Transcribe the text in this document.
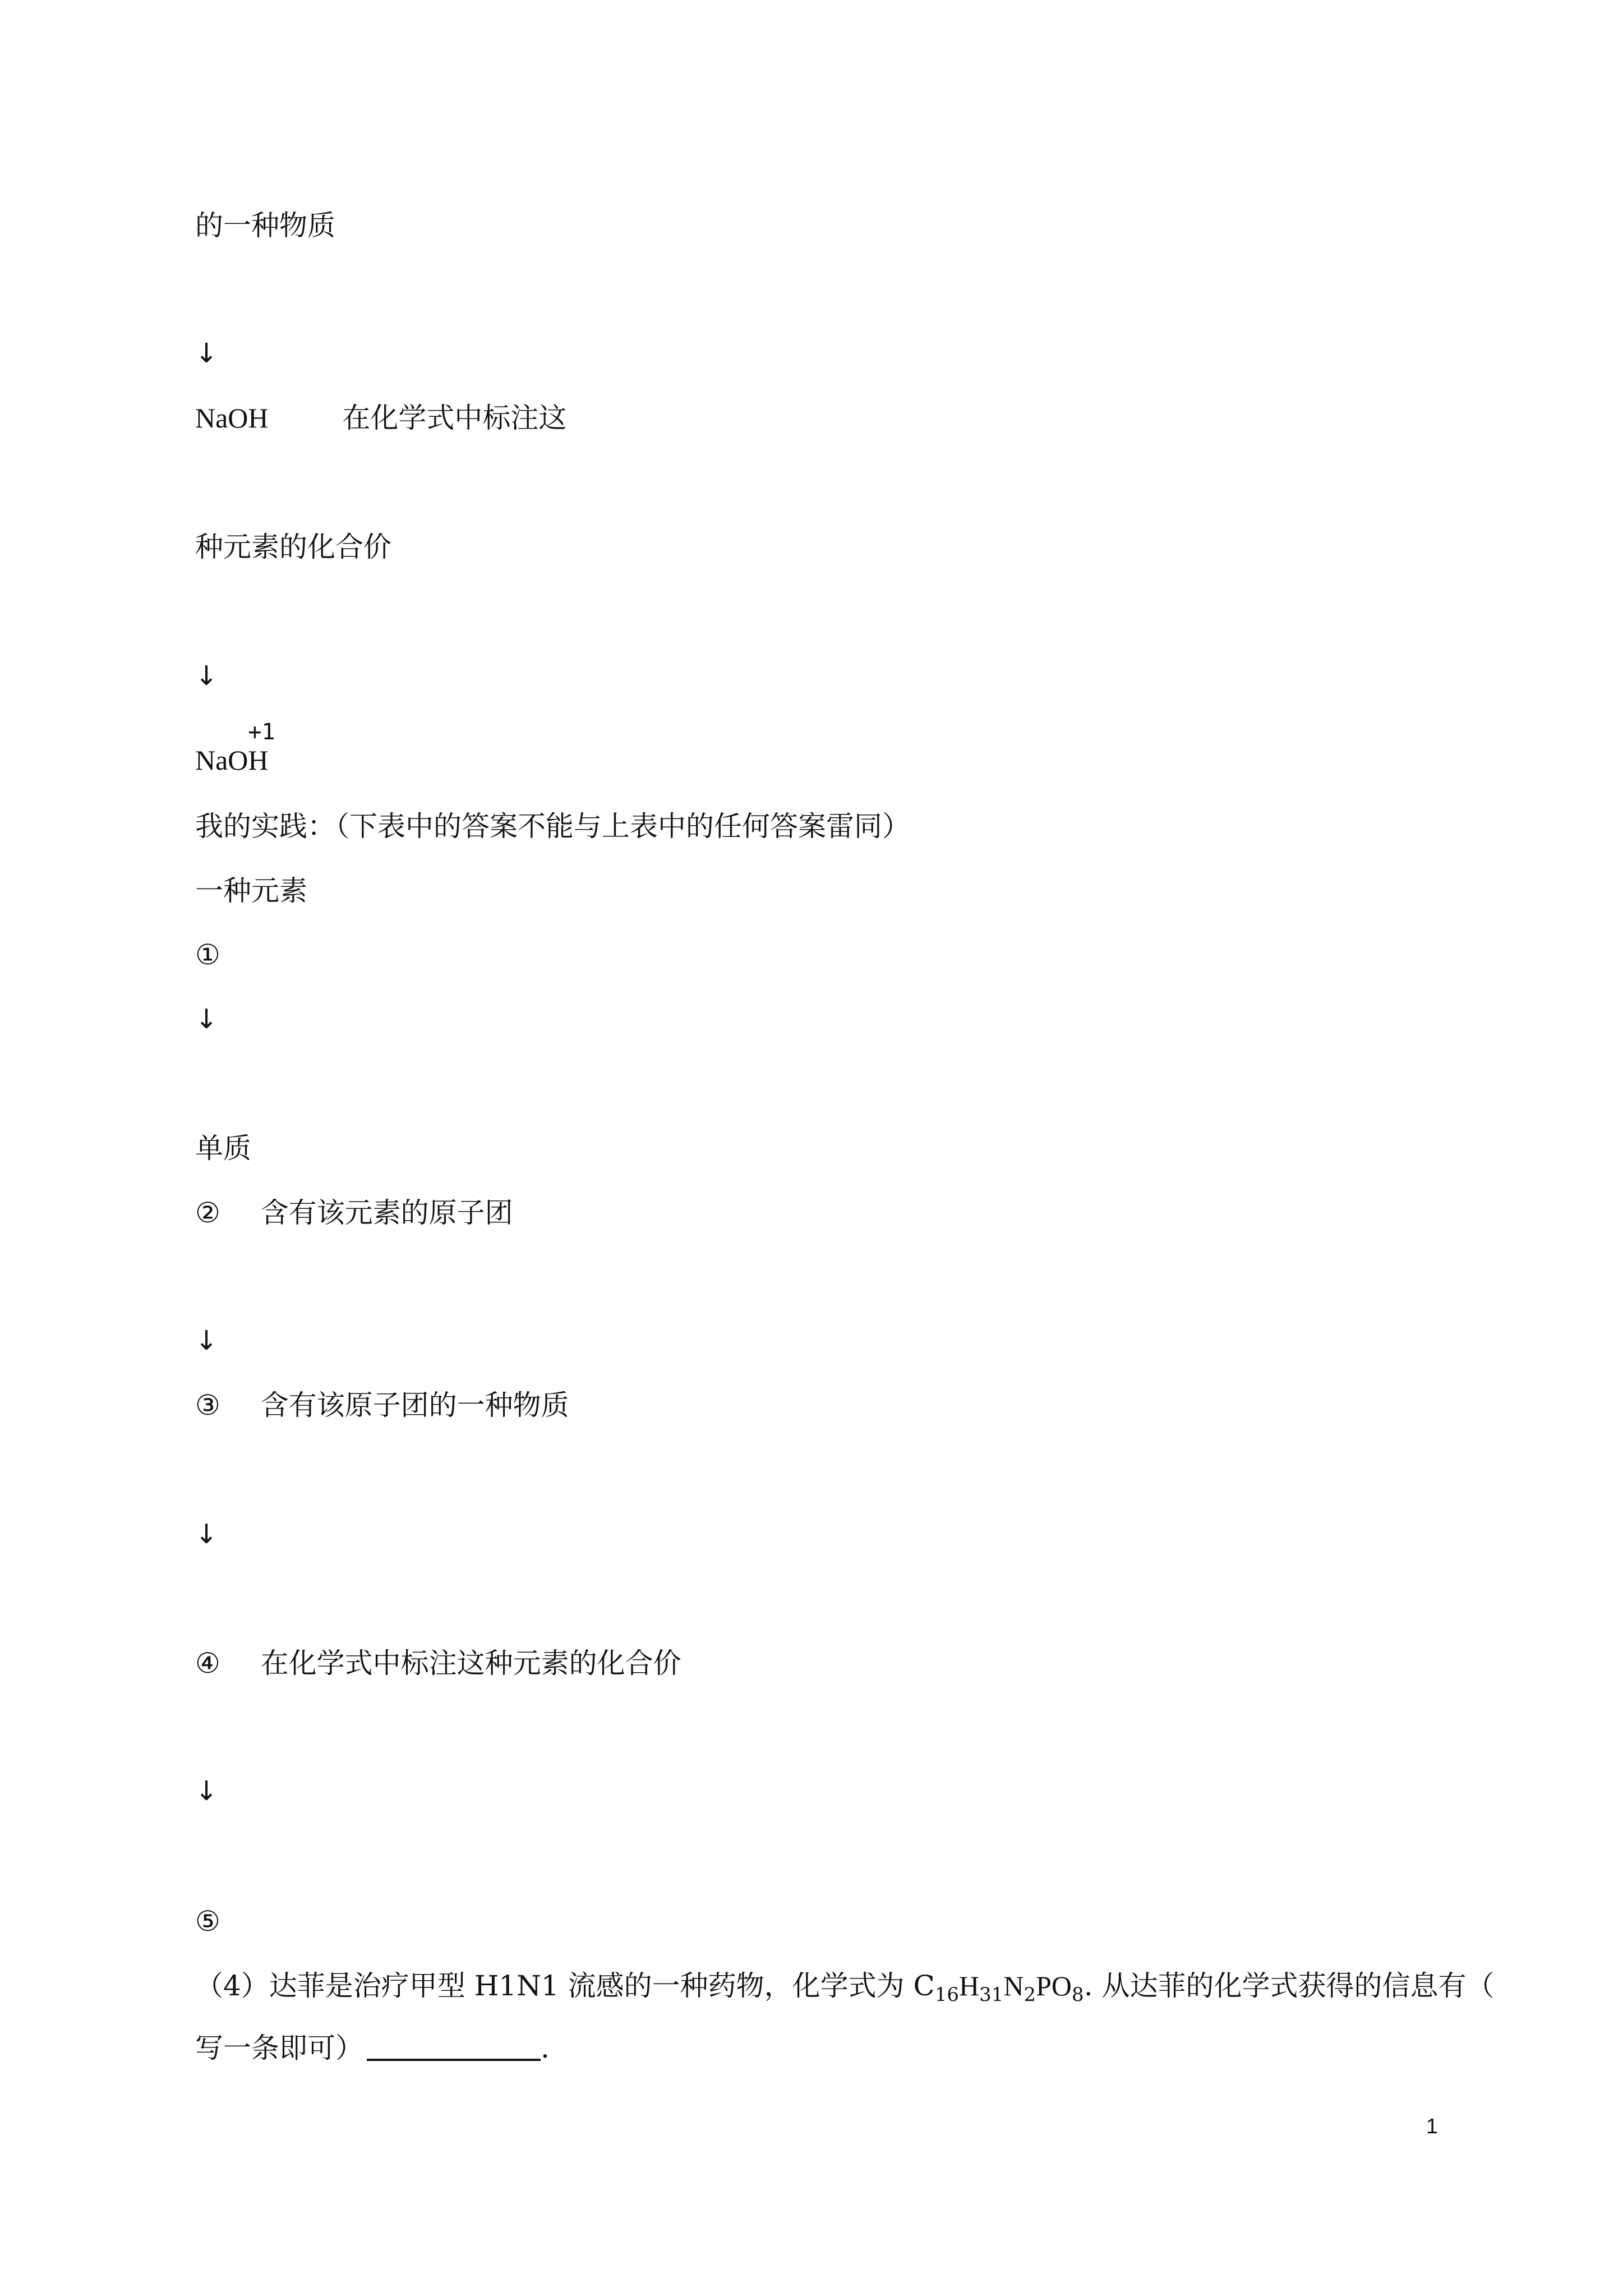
的一种物质
↓
NaOH	在化学式中标注这
种元素的化合价
↓
NaO
+1
H
我的实践：（下表中的答案不能与上表中的任何答案雷同）
一种元素
①
↓
单质
② 含有该元素的原子团
↓
③ 含有该原子团的一种物质
↓
④ 在化学式中标注这种元素的化合价
↓
⑤
（4）达菲是治疗甲型 H1N1 流感的一种药物，化学式为 $C_{16}H_{31}N_2PO_8$. 从达菲的化学式获得的信息有（
写一条即可）	.
1
